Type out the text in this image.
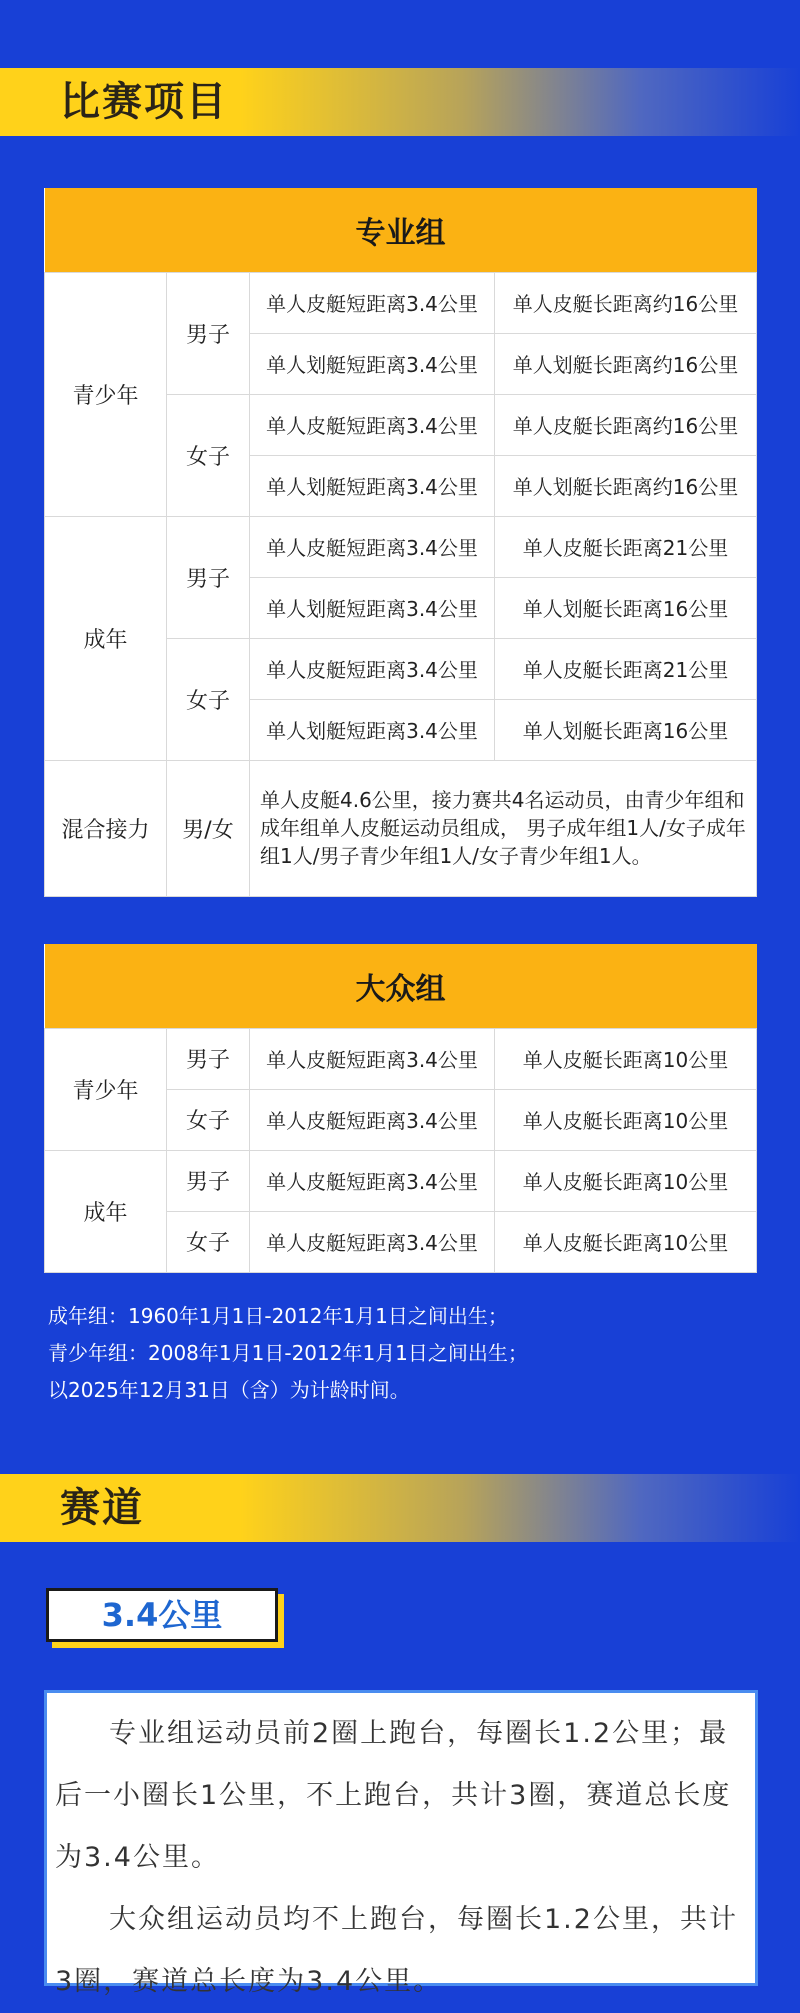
比赛项目
专业组			
青少年	男子	单人皮艇短距离3.4公里	单人皮艇长距离约16公里
		单人划艇短距离3.4公里	单人划艇长距离约16公里
	女子	单人皮艇短距离3.4公里	单人皮艇长距离约16公里
		单人划艇短距离3.4公里	单人划艇长距离约16公里
成年	男子	单人皮艇短距离3.4公里	单人皮艇长距离21公里
		单人划艇短距离3.4公里	单人划艇长距离16公里
	女子	单人皮艇短距离3.4公里	单人皮艇长距离21公里
		单人划艇短距离3.4公里	单人划艇长距离16公里
混合接力	男/女	单人皮艇4.6公里，接力赛共4名运动员，由青少年组和成年组单人皮艇运动员组成， 男子成年组1人/女子成年组1人/男子青少年组1人/女子青少年组1人。	
大众组			
青少年	男子	单人皮艇短距离3.4公里	单人皮艇长距离10公里
	女子	单人皮艇短距离3.4公里	单人皮艇长距离10公里
成年	男子	单人皮艇短距离3.4公里	单人皮艇长距离10公里
	女子	单人皮艇短距离3.4公里	单人皮艇长距离10公里
成年组：1960年1月1日-2012年1月1日之间出生；
青少年组：2008年1月1日-2012年1月1日之间出生；
以2025年12月31日（含）为计龄时间。
赛道
3.4公里

专业组运动员前2圈上跑台，每圈长1.2公里；最后一小圈长1公里，不上跑台，共计3圈，赛道总长度为3.4公里。

大众组运动员均不上跑台，每圈长1.2公里，共计3圈，赛道总长度为3.4公里。
